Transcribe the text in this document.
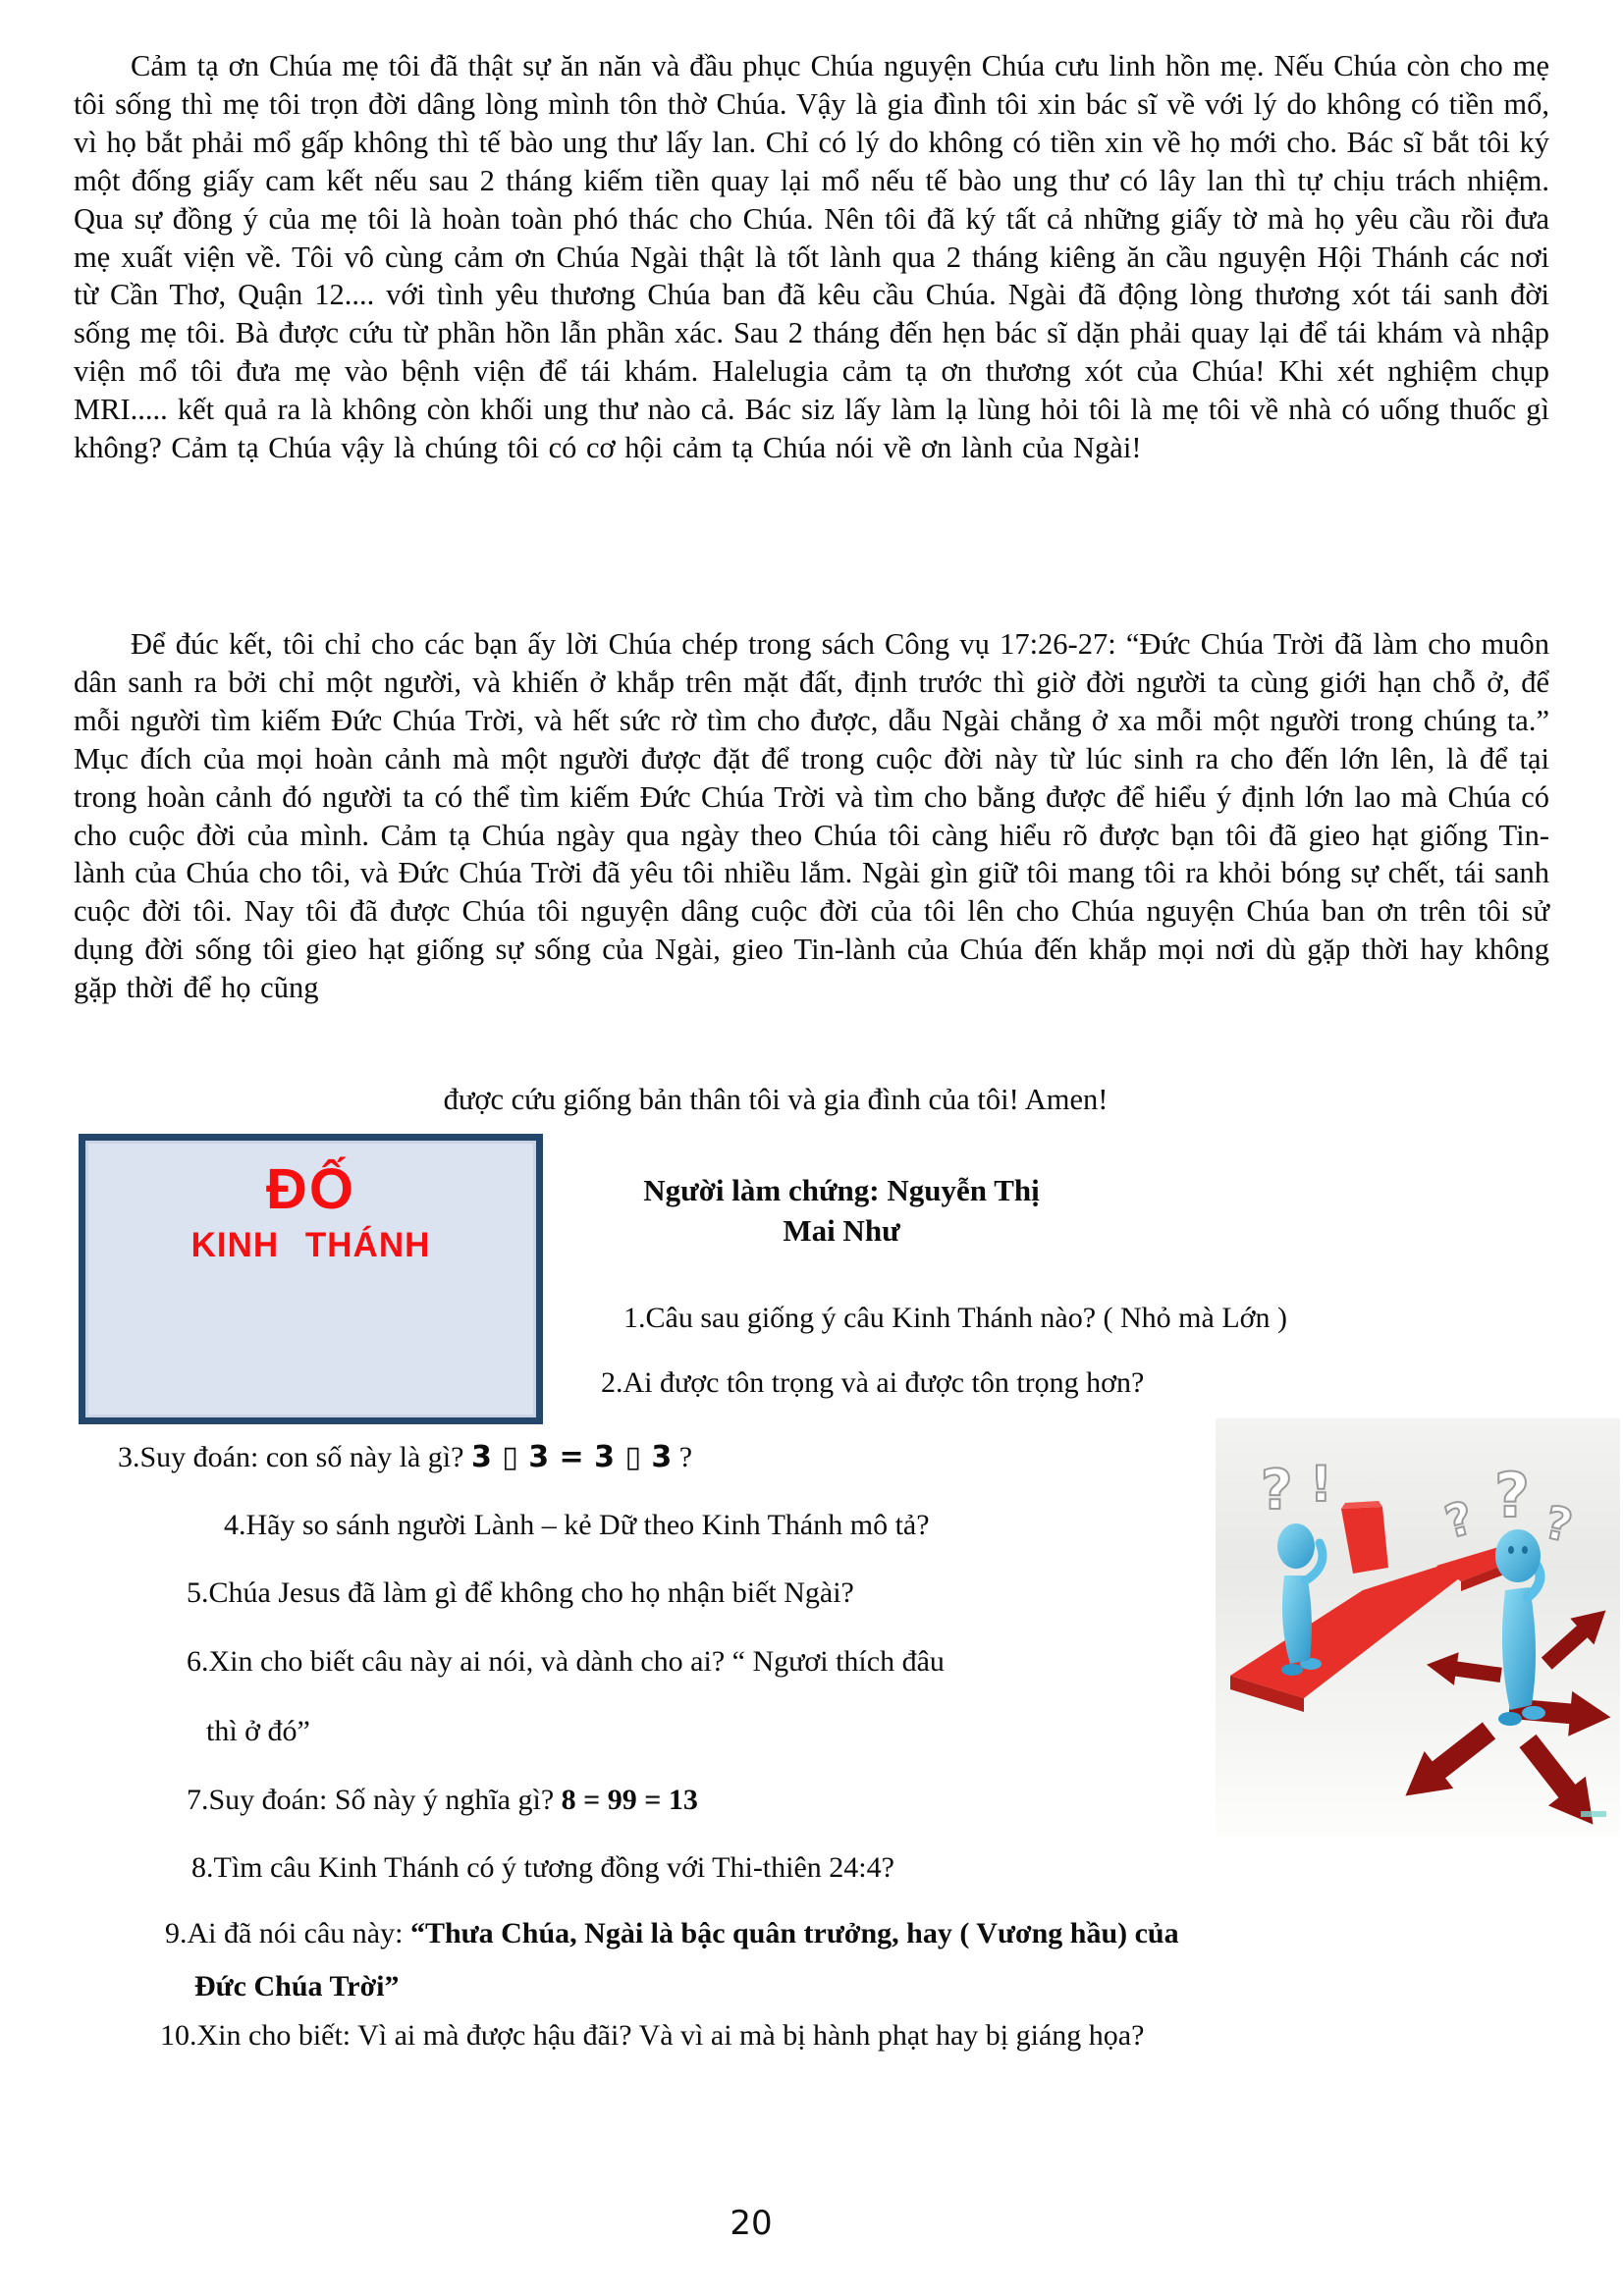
Cảm tạ ơn Chúa mẹ tôi đã thật sự ăn năn và đầu phục Chúa nguyện Chúa cưu linh hồn mẹ. Nếu Chúa còn cho mẹ tôi sống thì mẹ tôi trọn đời dâng lòng mình tôn thờ Chúa. Vậy là gia đình tôi xin bác sĩ về với lý do không có tiền mổ, vì họ bắt phải mổ gấp không thì tế bào ung thư lấy lan. Chỉ có lý do không có tiền xin về họ mới cho. Bác sĩ bắt tôi ký một đống giấy cam kết nếu sau 2 tháng kiếm tiền quay lại mổ nếu tế bào ung thư có lây lan thì tự chịu trách nhiệm. Qua sự đồng ý của mẹ tôi là hoàn toàn phó thác cho Chúa. Nên tôi đã ký tất cả những giấy tờ mà họ yêu cầu rồi đưa mẹ xuất viện về. Tôi vô cùng cảm ơn Chúa Ngài thật là tốt lành qua 2 tháng kiêng ăn cầu nguyện Hội Thánh các nơi từ Cần Thơ, Quận 12.... với tình yêu thương Chúa ban đã kêu cầu Chúa. Ngài đã động lòng thương xót tái sanh đời sống mẹ tôi. Bà được cứu từ phần hồn lẫn phần xác. Sau 2 tháng đến hẹn bác sĩ dặn phải quay lại để tái khám và nhập viện mổ tôi đưa mẹ vào bệnh viện để tái khám. Halelugia cảm tạ ơn thương xót của Chúa! Khi xét nghiệm chụp MRI..... kết quả ra là không còn khối ung thư nào cả. Bác siz lấy làm lạ lùng hỏi tôi là mẹ tôi về nhà có uống thuốc gì không? Cảm tạ Chúa vậy là chúng tôi có cơ hội cảm tạ Chúa nói về ơn lành của Ngài!

Để đúc kết, tôi chỉ cho các bạn ấy lời Chúa chép trong sách Công vụ 17:26-27: “Đức Chúa Trời đã làm cho muôn dân sanh ra bởi chỉ một người, và khiến ở khắp trên mặt đất, định trước thì giờ đời người ta cùng giới hạn chỗ ở, để mỗi người tìm kiếm Đức Chúa Trời, và hết sức rờ tìm cho được, dẫu Ngài chẳng ở xa mỗi một người trong chúng ta.” Mục đích của mọi hoàn cảnh mà một người được đặt để trong cuộc đời này từ lúc sinh ra cho đến lớn lên, là để tại trong hoàn cảnh đó người ta có thể tìm kiếm Đức Chúa Trời và tìm cho bằng được để hiểu ý định lớn lao mà Chúa có cho cuộc đời của mình. Cảm tạ Chúa ngày qua ngày theo Chúa tôi càng hiểu rõ được bạn tôi đã gieo hạt giống Tin-lành của Chúa cho tôi, và Đức Chúa Trời đã yêu tôi nhiều lắm. Ngài gìn giữ tôi mang tôi ra khỏi bóng sự chết, tái sanh cuộc đời tôi. Nay tôi đã được Chúa tôi nguyện dâng cuộc đời của tôi lên cho Chúa nguyện Chúa ban ơn trên tôi sử dụng đời sống tôi gieo hạt giống sự sống của Ngài, gieo Tin-lành của Chúa đến khắp mọi nơi dù gặp thời hay không gặp thời để họ cũng

được cứu giống bản thân tôi và gia đình của tôi! Amen!
ĐỐ
KINH THÁNH
Người làm chứng: Nguyễn Thị
Mai Như
1.Câu sau giống ý câu Kinh Thánh nào? ( Nhỏ mà Lớn )
2.Ai được tôn trọng và ai được tôn trọng hơn?
3.Suy đoán: con số này là gì? 3 ▯ 3 = 3 ▯ 3 ?
4.Hãy so sánh người Lành – kẻ Dữ theo Kinh Thánh mô tả?
5.Chúa Jesus đã làm gì để không cho họ nhận biết Ngài?
6.Xin cho biết câu này ai nói, và dành cho ai? “ Ngươi thích đâu
thì ở đó”
7.Suy đoán: Số này ý nghĩa gì? 8 = 99 = 13
8.Tìm câu Kinh Thánh có ý tương đồng với Thi-thiên 24:4?
9.Ai đã nói câu này: “Thưa Chúa, Ngài là bậc quân trưởng, hay ( Vương hầu) của
Đức Chúa Trời”
10.Xin cho biết: Vì ai mà được hậu đãi? Và vì ai mà bị hành phạt hay bị giáng họa?
? !
? ? ?
20
